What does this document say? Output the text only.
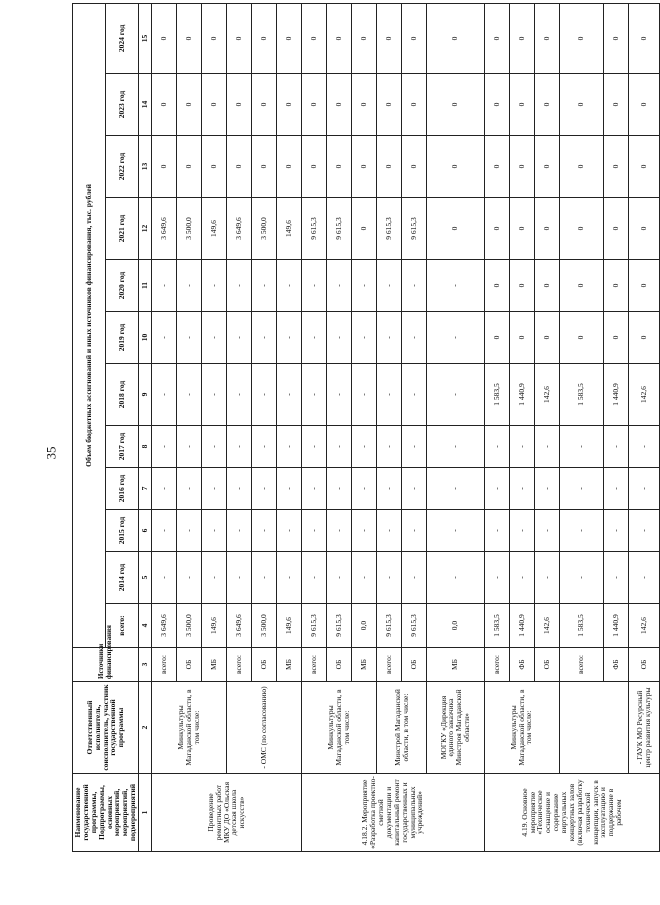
35
Наименование государственной программы, Подпрограммы, основных мероприятий, мероприятий, подмероприятий	Ответственный исполнитель, соисполнитель, участник государственной программы	Источники финансирования	Объем бюджетных ассигнований и иных источников финансирования, тыс. рублей											
			всего:	2014 год	2015 год	2016 год	2017 год	2018 год	2019 год	2020 год	2021 год	2022 год	2023 год	2024 год
1	2	3	4	5	6	7	8	9	10	11	12	13	14	15
Проведение ремонтных работ МКУ ДО «Ольская детская школа искусств»	Минкультуры Магаданской области, в том числе:	всего:	3 649,6	-	-	-	-	-	-	-	3 649,6	0	0	0
		ОБ	3 500,0	-	-	-	-	-	-	-	3 500,0	0	0	0
		МБ	149,6	-	-	-	-	-	-	-	149,6	0	0	0
	- ОМС (по согласованию)	всего:	3 649,6	-	-	-	-	-	-	-	3 649,6	0	0	0
		ОБ	3 500,0	-	-	-	-	-	-	-	3 500,0	0	0	0
		МБ	149,6	-	-	-	-	-	-	-	149,6	0	0	0
4.18.2. Мероприятие «Разработка проектно-сметной документации и капитальный ремонт государственных и муниципальных учреждений»	Минкультуры Магаданской области, в том числе:	всего:	9 615,3	-	-	-	-	-	-	-	9 615,3	0	0	0
		ОБ	9 615,3	-	-	-	-	-	-	-	9 615,3	0	0	0
		МБ	0,0	-	-	-	-	-	-	-	0	0	0	0
	Минстрой Магаданской области, в том числе:	всего:	9 615,3	-	-	-	-	-	-	-	9 615,3	0	0	0
		ОБ	9 615,3	-	-	-	-	-	-	-	9 615,3	0	0	0
	МОГКУ «Дирекция единого заказчика Минстроя Магаданской области»	МБ	0,0	-	-	-	-	-	-	-	0	0	0	0
4.19. Основное мероприятие «Техническое оснащение и содержание виртуальных концертных залов (включая разработку технической концепции, запуск в эксплуатацию и поддержание в рабочем	Минкультуры Магаданской области, в том числе:	всего:	1 583,5	-	-	-	-	1 583,5	0	0	0	0	0	0
		ФБ	1 440,9	-	-	-	-	1 440,9	0	0	0	0	0	0
		ОБ	142,6	-	-	-	-	142,6	0	0	0	0	0	0
		всего:	1 583,5	-	-	-	-	1 583,5	0	0	0	0	0	0
		ФБ	1 440,9	-	-	-	-	1 440,9	0	0	0	0	0	0
	- ГАУК МО Ресурсный центр развития культуры	ОБ	142,6	-	-	-	-	142,6	0	0	0	0	0	0
